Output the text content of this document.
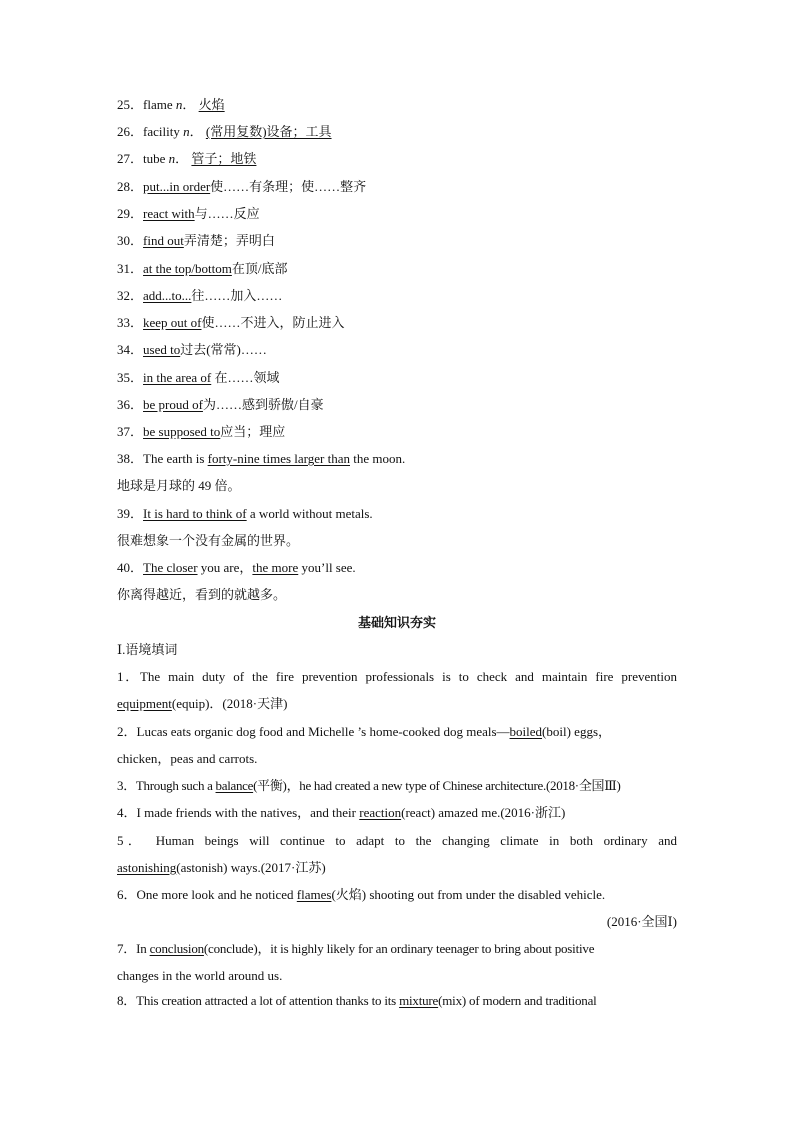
25．flame n． 火焰
26．facility n． (常用复数)设备；工具
27．tube n． 管子；地铁
28．put...in order使……有条理；使……整齐
29．react with与……反应
30．find out弄清楚；弄明白
31．at the top/bottom在顶/底部
32．add...to...往……加入……
33．keep out of使……不进入，防止进入
34．used to过去(常常)……
35．in the area of 在……领域
36．be proud of为……感到骄傲/自豪
37．be supposed to应当；理应
38．The earth is forty-nine times larger than the moon.
地球是月球的 49 倍。
39．It is hard to think of a world without metals.
很难想象一个没有金属的世界。
40．The closer you are，the more you’ll see.
你离得越近，看到的就越多。
基础知识夯实
Ⅰ.语境填词
1．The main duty of the fire prevention professionals is to check and maintain fire prevention
equipment(equip)．(2018·天津)
2．Lucas eats organic dog food and Michelle ’s home-cooked dog meals—boiled(boil) eggs，
chicken，peas and carrots.
3．Through such a balance(平衡)，he had created a new type of Chinese architecture.(2018·全国Ⅲ)
4．I made friends with the natives，and their reaction(react) amazed me.(2016·浙江)
5． Human beings will continue to adapt to the changing climate in both ordinary and
astonishing(astonish) ways.(2017·江苏)
6．One more look and he noticed flames(火焰) shooting out from under the disabled vehicle.
(2016·全国Ⅰ)
7．In conclusion(conclude)，it is highly likely for an ordinary teenager to bring about positive
changes in the world around us.
8．This creation attracted a lot of attention thanks to its mixture(mix) of modern and traditional
